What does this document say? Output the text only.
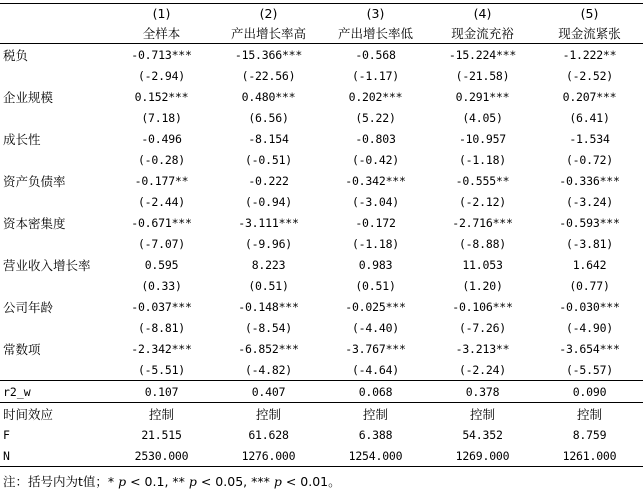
	(1)	(2)	(3)	(4)	(5)
	全样本	产出增长率高	产出增长率低	现金流充裕	现金流紧张
税负	-0.713***	-15.366***	-0.568	-15.224***	-1.222**
	(-2.94)	(-22.56)	(-1.17)	(-21.58)	(-2.52)
企业规模	0.152***	0.480***	0.202***	0.291***	0.207***
	(7.18)	(6.56)	(5.22)	(4.05)	(6.41)
成长性	-0.496	-8.154	-0.803	-10.957	-1.534
	(-0.28)	(-0.51)	(-0.42)	(-1.18)	(-0.72)
资产负债率	-0.177**	-0.222	-0.342***	-0.555**	-0.336***
	(-2.44)	(-0.94)	(-3.04)	(-2.12)	(-3.24)
资本密集度	-0.671***	-3.111***	-0.172	-2.716***	-0.593***
	(-7.07)	(-9.96)	(-1.18)	(-8.88)	(-3.81)
营业收入增长率	0.595	8.223	0.983	11.053	1.642
	(0.33)	(0.51)	(0.51)	(1.20)	(0.77)
公司年龄	-0.037***	-0.148***	-0.025***	-0.106***	-0.030***
	(-8.81)	(-8.54)	(-4.40)	(-7.26)	(-4.90)
常数项	-2.342***	-6.852***	-3.767***	-3.213**	-3.654***
	(-5.51)	(-4.82)	(-4.64)	(-2.24)	(-5.57)
r2_w	0.107	0.407	0.068	0.378	0.090
时间效应	控制	控制	控制	控制	控制
F	21.515	61.628	6.388	54.352	8.759
N	2530.000	1276.000	1254.000	1269.000	1261.000
注：括号内为t值；* p < 0.1, ** p < 0.05, *** p < 0.01。
